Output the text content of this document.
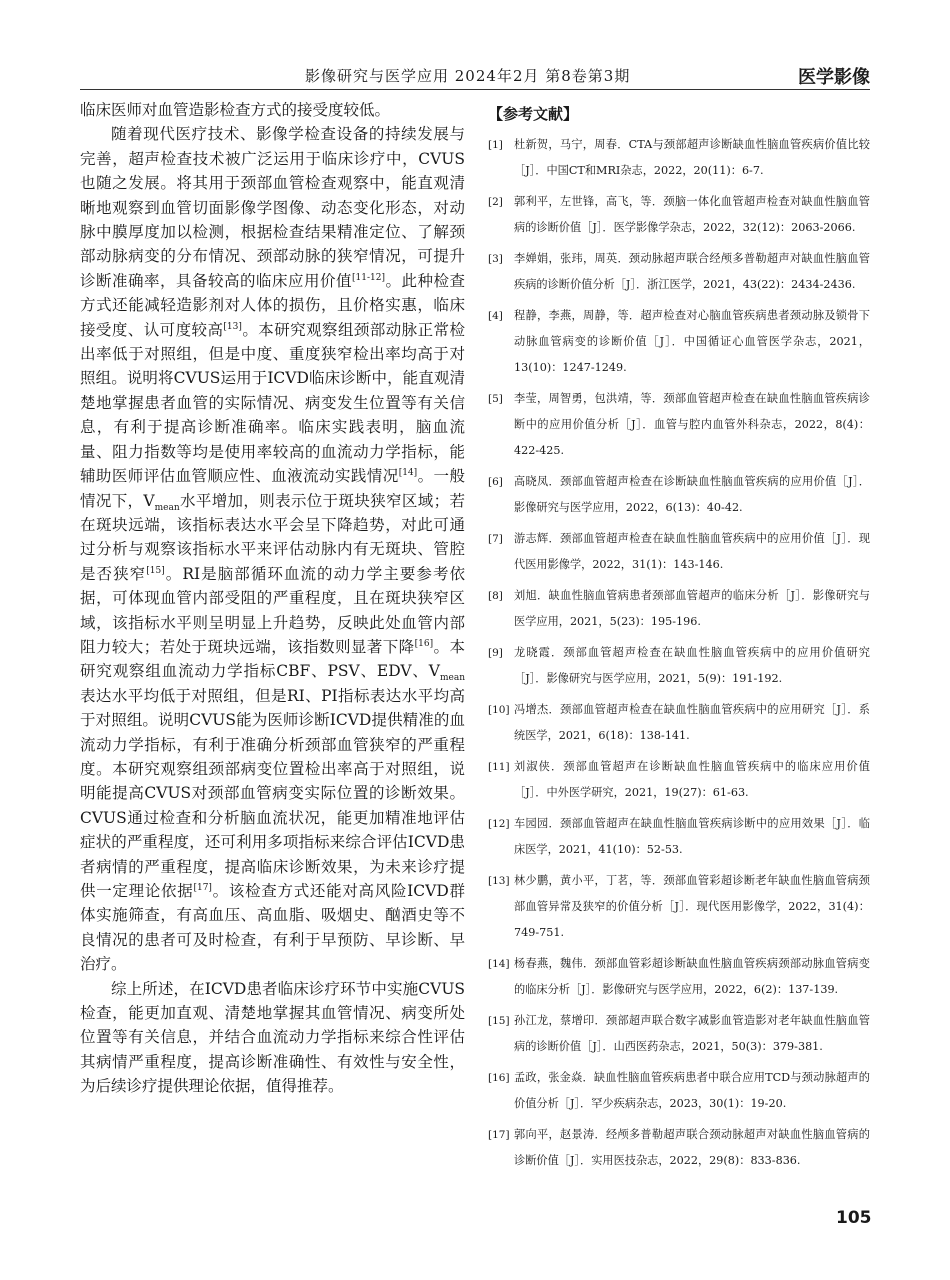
影像研究与医学应用 2024年2月 第8卷第3期	医学影像

临床医师对血管造影检查方式的接受度较低。

随着现代医疗技术、影像学检查设备的持续发展与完善，超声检查技术被广泛运用于临床诊疗中，CVUS也随之发展。将其用于颈部血管检查观察中，能直观清晰地观察到血管切面影像学图像、动态变化形态，对动脉中膜厚度加以检测，根据检查结果精准定位、了解颈部动脉病变的分布情况、颈部动脉的狭窄情况，可提升诊断准确率，具备较高的临床应用价值[11-12]。此种检查方式还能减轻造影剂对人体的损伤，且价格实惠，临床接受度、认可度较高[13]。本研究观察组颈部动脉正常检出率低于对照组，但是中度、重度狭窄检出率均高于对照组。说明将CVUS运用于ICVD临床诊断中，能直观清楚地掌握患者血管的实际情况、病变发生位置等有关信息，有利于提高诊断准确率。临床实践表明，脑血流量、阻力指数等均是使用率较高的血流动力学指标，能辅助医师评估血管顺应性、血液流动实践情况[14]。一般情况下，$V_{mean}$水平增加，则表示位于斑块狭窄区域；若在斑块远端，该指标表达水平会呈下降趋势，对此可通过分析与观察该指标水平来评估动脉内有无斑块、管腔是否狭窄[15]。RI是脑部循环血流的动力学主要参考依据，可体现血管内部受阻的严重程度，且在斑块狭窄区域，该指标水平则呈明显上升趋势，反映此处血管内部阻力较大；若处于斑块远端，该指数则显著下降[16]。本研究观察组血流动力学指标CBF、PSV、EDV、$V_{mean}$表达水平均低于对照组，但是RI、PI指标表达水平均高于对照组。说明CVUS能为医师诊断ICVD提供精准的血流动力学指标，有利于准确分析颈部血管狭窄的严重程度。本研究观察组颈部病变位置检出率高于对照组，说明能提高CVUS对颈部血管病变实际位置的诊断效果。CVUS通过检查和分析脑血流状况，能更加精准地评估症状的严重程度，还可利用多项指标来综合评估ICVD患者病情的严重程度，提高临床诊断效果，为未来诊疗提供一定理论依据[17]。该检查方式还能对高风险ICVD群体实施筛查，有高血压、高血脂、吸烟史、酗酒史等不良情况的患者可及时检查，有利于早预防、早诊断、早治疗。

综上所述，在ICVD患者临床诊疗环节中实施CVUS检查，能更加直观、清楚地掌握其血管情况、病变所处位置等有关信息，并结合血流动力学指标来综合性评估其病情严重程度，提高诊断准确性、有效性与安全性，为后续诊疗提供理论依据，值得推荐。

【参考文献】
[1] 杜新贺，马宁，周春．CTA与颈部超声诊断缺血性脑血管疾病价值比较［J］．中国CT和MRI杂志，2022，20(11)：6-7.
[2] 郭利平，左世锋，高飞，等．颈脑一体化血管超声检查对缺血性脑血管病的诊断价值［J］．医学影像学杂志，2022，32(12)：2063-2066.
[3] 李婵娟，张玮，周英．颈动脉超声联合经颅多普勒超声对缺血性脑血管疾病的诊断价值分析［J］．浙江医学，2021，43(22)：2434-2436.
[4] 程静，李燕，周静，等．超声检查对心脑血管疾病患者颈动脉及锁骨下动脉血管病变的诊断价值［J］．中国循证心血管医学杂志，2021，13(10)：1247-1249.
[5] 李莹，周智勇，包洪靖，等．颈部血管超声检查在缺血性脑血管疾病诊断中的应用价值分析［J］．血管与腔内血管外科杂志，2022，8(4)：422-425.
[6] 高晓凤．颈部血管超声检查在诊断缺血性脑血管疾病的应用价值［J］．影像研究与医学应用，2022，6(13)：40-42.
[7] 游志辉．颈部血管超声检查在缺血性脑血管疾病中的应用价值［J］．现代医用影像学，2022，31(1)：143-146.
[8] 刘旭．缺血性脑血管病患者颈部血管超声的临床分析［J］．影像研究与医学应用，2021，5(23)：195-196.
[9] 龙晓霞．颈部血管超声检查在缺血性脑血管疾病中的应用价值研究［J］．影像研究与医学应用，2021，5(9)：191-192.
[10] 冯增杰．颈部血管超声检查在缺血性脑血管疾病中的应用研究［J］．系统医学，2021，6(18)：138-141.
[11] 刘淑侠．颈部血管超声在诊断缺血性脑血管疾病中的临床应用价值［J］．中外医学研究，2021，19(27)：61-63.
[12] 车园园．颈部血管超声在缺血性脑血管疾病诊断中的应用效果［J］．临床医学，2021，41(10)：52-53.
[13] 林少鹏，黄小平，丁茗，等．颈部血管彩超诊断老年缺血性脑血管病颈部血管异常及狭窄的价值分析［J］．现代医用影像学，2022，31(4)：749-751.
[14] 杨春燕，魏伟．颈部血管彩超诊断缺血性脑血管疾病颈部动脉血管病变的临床分析［J］．影像研究与医学应用，2022，6(2)：137-139.
[15] 孙江龙，蔡增印．颈部超声联合数字减影血管造影对老年缺血性脑血管病的诊断价值［J］．山西医药杂志，2021，50(3)：379-381.
[16] 孟政，张金焱．缺血性脑血管疾病患者中联合应用TCD与颈动脉超声的价值分析［J］．罕少疾病杂志，2023，30(1)：19-20.
[17] 郭向平，赵景涛．经颅多普勒超声联合颈动脉超声对缺血性脑血管病的诊断价值［J］．实用医技杂志，2022，29(8)：833-836.
105
